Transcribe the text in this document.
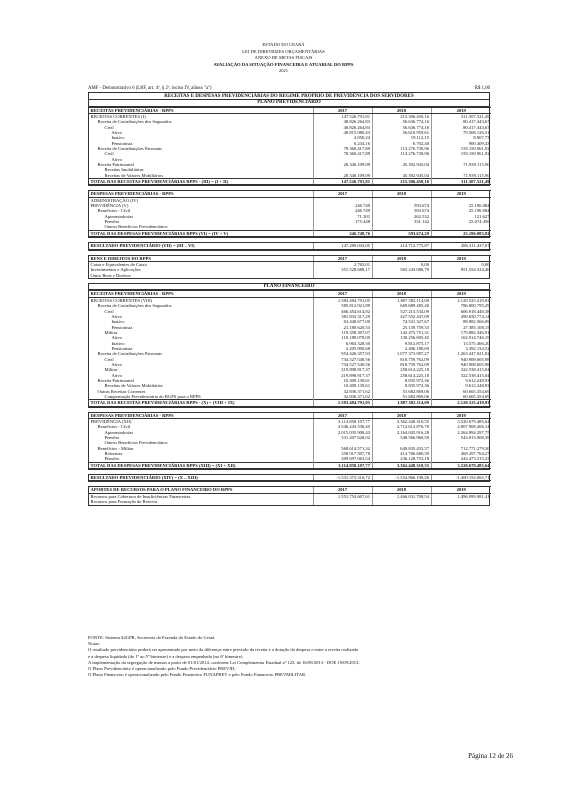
ESTADO DO CEARÁ
LEI DE DIRETRIZES ORÇAMENTÁRIAS
ANEXO DE METAS FISCAIS
AVALIAÇÃO DA SITUAÇÃO FINANCEIRA E ATUARIAL DO RPPS
2021
AMF - Demonstrativo 6 (LRF, art. 4º, § 2º, inciso IV, alínea "a")	R$ 1,00
RECEITAS E DESPESAS PREVIDENCIÁRIAS DO REGIME PRÓPRIO DE PREVIDÊNCIA DOS SERVIDORES
PLANO PREVIDENCIÁRIO
RECEITAS PREVIDENCIÁRIAS - RPPS	2017	2018	2019
RECEITAS CORRENTES (I)	147.526.791,81	215.306.450,16	311.507.521,49
Receita de Contribuições dos Segurados	40.826.264,83	56.636.774,16	80.417.443,67
Civil	40.826.264,83	56.636.774,16	80.417.443,67
Ativo	40.815.080,43	56.610.959,61	79.508.126,51
Inativo	4.950,24	19.112,15	8.907,73
Pensionista	6.234,16	6.702,40	900.409,43
Receita de Contribuições Patronais	78.360.417,89	113.276.730,96	159.150.961,92
Civil	78.360.417,89	113.276.730,96	159.150.961,92
Ativo			
Receita Patrimonial	28.340.109,09	45.392.945,04	71.939.115,90
Receitas Imobiliárias			
Receitas de Valores Mobiliários	28.340.109,09	45.392.945,04	71.939.115,90
TOTAL DAS RECEITAS PREVIDENCIÁRIAS RPPS - (III) = (I + II)	147.526.791,81	215.306.450,16	311.507.521,49
DESPESAS PREVIDENCIÁRIAS - RPPS	2017	2018	2019
ADMINISTRAÇÃO (IV)			
PREVIDÊNCIA (V)	246.749	593.674	25.196.084
Benefícios - Civil	246.749	593.674	25.196.084
Aposentadorias	71.301	262.532	121.627
Pensões	175.448	331.142	25.074.456
Outros Benefícios Previdenciários			
TOTAL DAS DESPESAS PREVIDENCIÁRIAS RPPS (VI) = (IV + V)	246.748,76	593.674,29	25.196.083,82
RESULTADO PREVIDENCIÁRIO (VII) = (III – VI)	147.280.043,05	214.712.775,87	286.311.437,67
BENS E DIREITOS DO RPPS	2017	2018	2019
Caixa e Equivalentes de Caixa	2.765,01	0,00	0,00
Investimentos e Aplicações	351.528.688,17	565.243.086,79	851.554.524,46
Outro Bens e Direitos			
PLANO FINANCEIRO
RECEITAS PREVIDENCIÁRIAS - RPPS	2017	2018	2019
RECEITAS CORRENTES (VIII)	1.583.484.791,05	1.807.582.114,09	2.120.525.419,93
Receita de Contribuições dos Segurados	585.812.921,89	669.689.285,40	786.800.795,29
Civil	466.454.614,82	527.213.534,09	606.918.448,38
Ativo	381.833.317,29	427.552.447,09	490.650.774,14
Inativo	63.440.677,00	74.521.327,67	88.882.566,09
Pensionista	21.180.620,53	25.139.759,33	27.385.108,15
Militar	119.358.307,07	142.475.751,31	179.882.346,91
Ativo	110.189.078,09	130.256.695,45	162.914.746,19
Inativo	6.963.328,30	9.812.875,17	13.575.466,20
Pensionista	2.205.900,68	2.406.180,69	3.392.134,52
Receita de Contribuições Patronais	954.426.357,93	1.077.373.987,27	1.263.447.021,02
Civil	734.527.540,56	818.759.762,09	940.908.605,98
Ativo	734.527.540,56	818.759.762,09	940.908.605,98
Militar	219.898.817,37	258.614.225,18	322.538.415,04
Ativo	219.898.817,37	258.614.225,18	322.538.415,04
Receita Patrimonial	10.409.139,61	8.835.972,36	9.612.248,93
Receitas de Valores Mobiliários	10.409.139,61	8.835.972,36	9.612.248,93
Outras Receitas Correntes	32.836.371,62	51.682.869,06	60.665.354,69
Compensação Previdenciária do RGPS para o RPPS	32.836.371,62	51.682.869,06	60.665.354,69
TOTAL DAS RECEITAS PREVIDENCIÁRIAS RPPS - (X) = (VIII + IX)	1.583.484.791,05	1.807.582.114,09	2.120.525.419,93
DESPESAS PREVIDENCIÁRIAS - RPPS	2017	2018	2019
PREVIDÊNCIA (XII)	3.114.858.107,77	3.362.448.310,35	3.520.679.485,64
Benefícios - Civil	2.546.243.536,45	2.712.612.876,78	2.807.908.206,14
Aposentadorias	2.015.035.908,43	2.164.045.916,28	2.264.894.297,75
Pensões	531.207.628,02	548.566.960,50	543.013.908,39
Outros Benefícios Previdenciários			
Benefícios - Militar	568.614.571,32	649.835.433,57	712.771.279,50
Reformas	358.917.507,78	413.706.680,39	468.297.764,27
Pensões	209.697.063,54	236.128.753,18	244.473.515,23
TOTAL DAS DESPESAS PREVIDENCIÁRIAS RPPS (XIII) = (XI + XII)	3.114.858.107,77	3.362.448.310,35	3.520.679.485,64
RESULTADO PREVIDENCIÁRIO (XIV) = (X – XIII)	-1.531.373.316,72	-1.554.866.196,26	-1.400.154.065,71
APORTES DE RECURSOS PARA O PLANO FINANCEIRO DO RPPS	2017	2018	2019
Recursos para Cobertura de Insuficiências Financeiras	1.551.754.607,61	1.466.031.708,54	1.496.099.981,41
Recursos para Formação de Reserva			
FONTE: Sistema S2GPR, Secretaria da Fazenda do Estado do Ceará.
Notas:
O resultado previdenciário poderá ser apresentado por meio da diferença entre previsão da receita e a dotação da despesa e entre a receita realizada
e a despesa liquidada (do 1º ao 5º bimestre) e a despesa empenhada (no 6º bimestre).
A implementação da segregação de massas a partir de 01/01/2014, conforme Lei Complementar Estadual nº 123, de 16/09/2013 - DOE 19/09/2013;
O Plano Previdenciário é operacionalizado pelo Fundo Previdenciário PREVID;
O Plano Financeiro é operacionalizado pelo Fundo Financeiro FUNAPREV e pelo Fundo Financeiro PREVMILITAR.
Página 12 de 26
